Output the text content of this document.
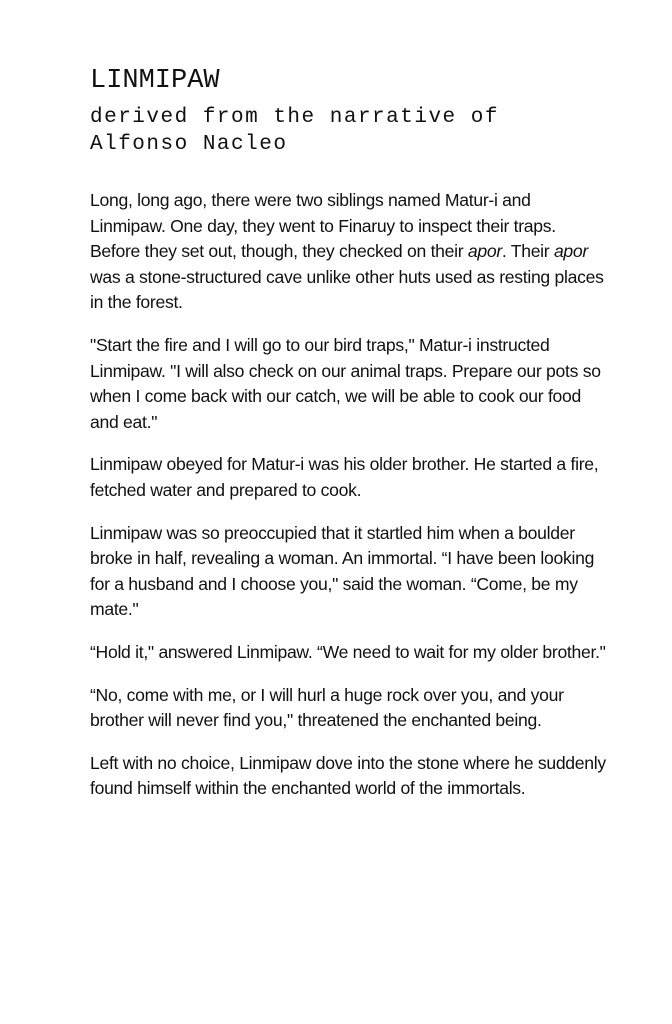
LINMIPAW
derived from the narrative of Alfonso Nacleo

Long, long ago, there were two siblings named Matur-i and Linmipaw. One day, they went to Finaruy to inspect their traps. Before they set out, though, they checked on their apor. Their apor was a stone-structured cave unlike other huts used as resting places in the forest.

"Start the fire and I will go to our bird traps," Matur-i instructed Linmipaw. "I will also check on our animal traps. Prepare our pots so when I come back with our catch, we will be able to cook our food and eat."

Linmipaw obeyed for Matur-i was his older brother. He started a fire, fetched water and prepared to cook.

Linmipaw was so preoccupied that it startled him when a boulder broke in half, revealing a woman. An immortal. “I have been looking for a husband and I choose you," said the woman. “Come, be my mate."

“Hold it," answered Linmipaw. “We need to wait for my older brother."

“No, come with me, or I will hurl a huge rock over you, and your brother will never find you," threatened the enchanted being.

Left with no choice, Linmipaw dove into the stone where he suddenly found himself within the enchanted world of the immortals.
